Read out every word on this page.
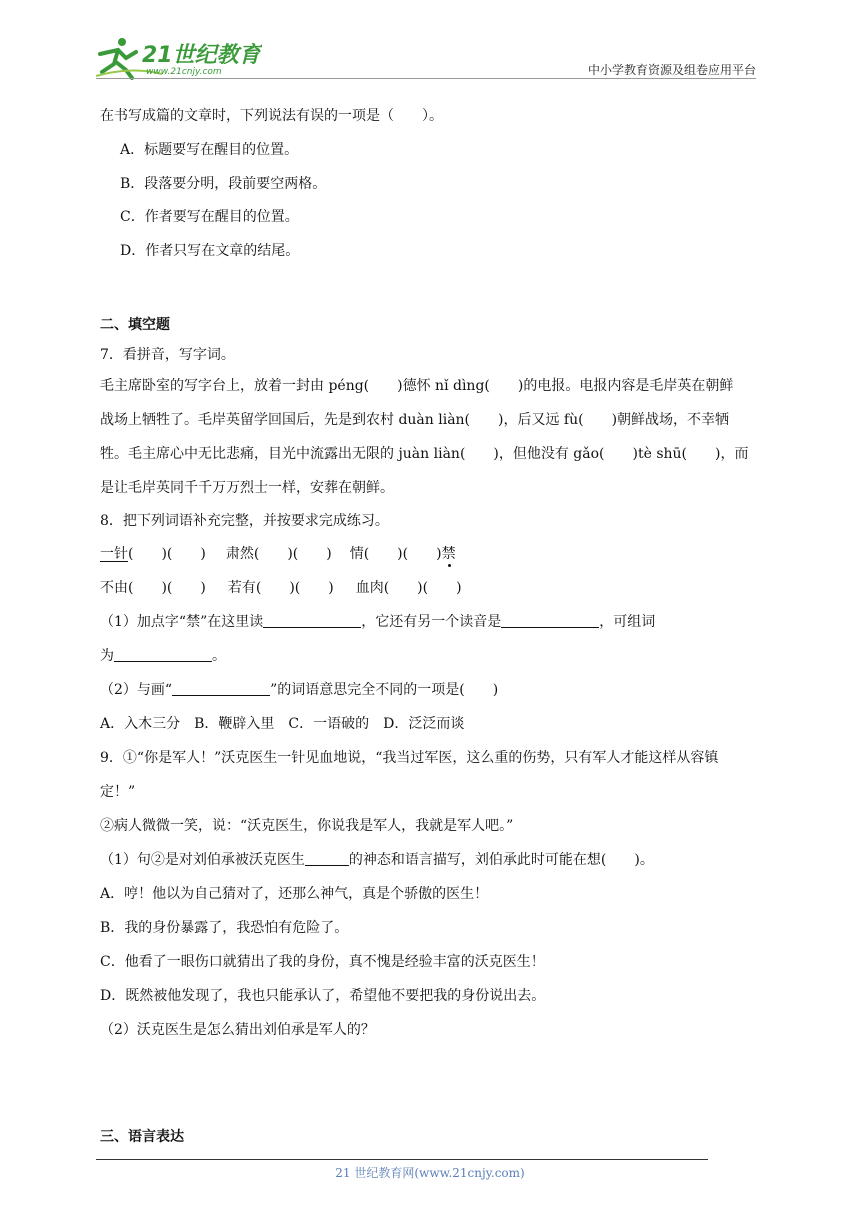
21世纪教育
www.21cnjy.com	中小学教育资源及组卷应用平台
在书写成篇的文章时，下列说法有误的一项是（　　）。
A．标题要写在醒目的位置。
B．段落要分明，段前要空两格。
C．作者要写在醒目的位置。
D．作者只写在文章的结尾。
二、填空题
7．看拼音，写字词。
毛主席卧室的写字台上，放着一封由 péng(　　)德怀 nǐ dìng(　　)的电报。电报内容是毛岸英在朝鲜
战场上牺牲了。毛岸英留学回国后，先是到农村 duàn liàn(　　)，后又远 fù(　　)朝鲜战场，不幸牺
牲。毛主席心中无比悲痛，目光中流露出无限的 juàn liàn(　　)，但他没有 gǎo(　　)tè shū(　　)，而
是让毛岸英同千千万万烈士一样，安葬在朝鲜。
8．把下列词语补充完整，并按要求完成练习。
一针(　　)(　　) 肃然(　　)(　　) 情(　　)(　　)禁
不由(　　)(　　) 若有(　　)(　　) 血肉(　　)(　　)
（1）加点字“禁”在这里读	，它还有另一个读音是	，可组词
为	。
（2）与画“	”的词语意思完全不同的一项是(　　)
A．入木三分　B．鞭辟入里　C．一语破的　D．泛泛而谈
9．①“你是军人！”沃克医生一针见血地说，“我当过军医，这么重的伤势，只有军人才能这样从容镇
定！”
②病人微微一笑，说：“沃克医生，你说我是军人，我就是军人吧。”
（1）句②是对刘伯承被沃克医生	的神态和语言描写，刘伯承此时可能在想(　　)。
A．哼！他以为自己猜对了，还那么神气，真是个骄傲的医生！
B．我的身份暴露了，我恐怕有危险了。
C．他看了一眼伤口就猜出了我的身份，真不愧是经验丰富的沃克医生！
D．既然被他发现了，我也只能承认了，希望他不要把我的身份说出去。
（2）沃克医生是怎么猜出刘伯承是军人的？
三、语言表达
21 世纪教育网(www.21cnjy.com)
